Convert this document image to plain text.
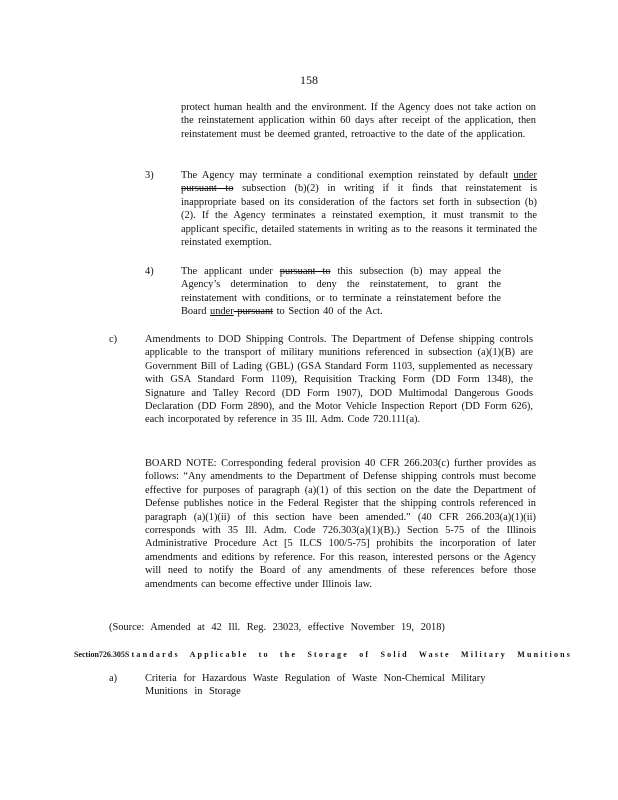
158
protect human health and the environment. If the Agency does not take action on the reinstatement application within 60 days after receipt of the application, then reinstatement must be deemed granted, retroactive to the date of the application.
3)	The Agency may terminate a conditional exemption reinstated by default under pursuant to subsection (b)(2) in writing if it finds that reinstatement is inappropriate based on its consideration of the factors set forth in subsection (b)(2). If the Agency terminates a reinstated exemption, it must transmit to the applicant specific, detailed statements in writing as to the reasons it terminated the reinstated exemption.
4)	The applicant under pursuant to this subsection (b) may appeal the Agency’s determination to deny the reinstatement, to grant the reinstatement with conditions, or to terminate a reinstatement before the Board under pursuant to Section 40 of the Act.
c)	Amendments to DOD Shipping Controls. The Department of Defense shipping controls applicable to the transport of military munitions referenced in subsection (a)(1)(B) are Government Bill of Lading (GBL) (GSA Standard Form 1103, supplemented as necessary with GSA Standard Form 1109), Requisition Tracking Form (DD Form 1348), the Signature and Talley Record (DD Form 1907), DOD Multimodal Dangerous Goods Declaration (DD Form 2890), and the Motor Vehicle Inspection Report (DD Form 626), each incorporated by reference in 35 Ill. Adm. Code 720.111(a).
BOARD NOTE: Corresponding federal provision 40 CFR 266.203(c) further provides as follows: “Any amendments to the Department of Defense shipping controls must become effective for purposes of paragraph (a)(1) of this section on the date the Department of Defense publishes notice in the Federal Register that the shipping controls referenced in paragraph (a)(1)(ii) of this section have been amended.” (40 CFR 266.203(a)(1)(ii) corresponds with 35 Ill. Adm. Code 726.303(a)(1)(B).) Section 5-75 of the Illinois Administrative Procedure Act [5 ILCS 100/5-75] prohibits the incorporation of later amendments and editions by reference. For this reason, interested persons or the Agency will need to notify the Board of any amendments of these references before those amendments can become effective under Illinois law.
(Source: Amended at 42 Ill. Reg. 23023, effective November 19, 2018)
Section 726.305 Standards Applicable to the Storage of Solid Waste Military Munitions
a)	Criteria for Hazardous Waste Regulation of Waste Non-Chemical Military Munitions in Storage
